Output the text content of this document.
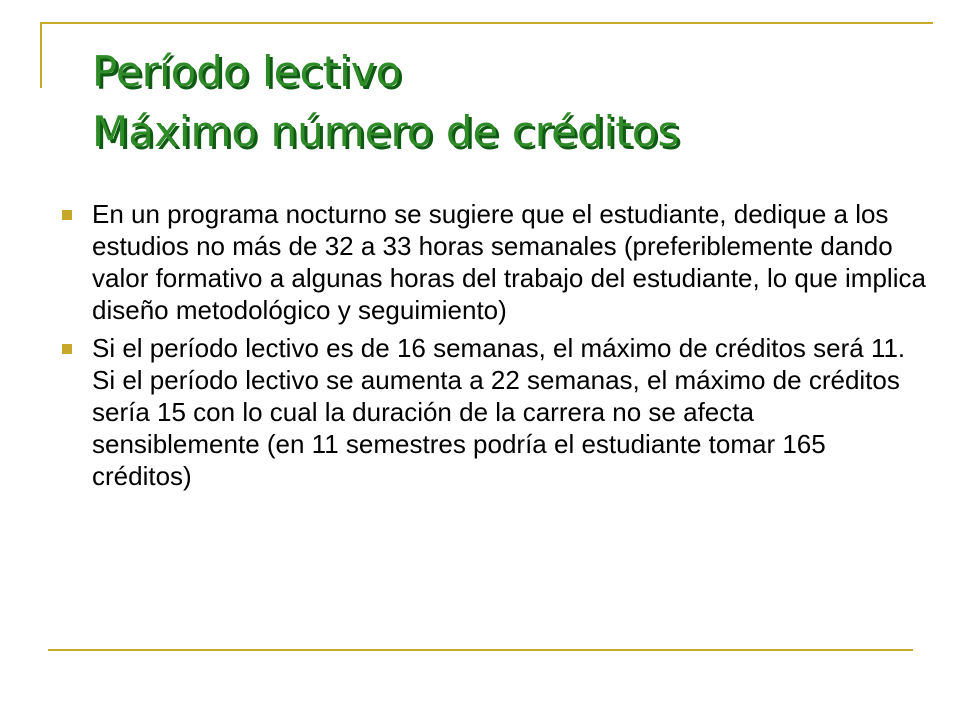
Período lectivo
Máximo número de créditos
En un programa nocturno se sugiere que el estudiante, dedique a los estudios no más de 32 a 33 horas semanales (preferiblemente dando valor formativo a algunas horas del trabajo del estudiante, lo que implica diseño metodológico y seguimiento)
Si el período lectivo es de 16 semanas, el máximo de créditos será 11. Si el período lectivo se aumenta a 22 semanas, el máximo de créditos sería 15 con lo cual la duración de la carrera no se afecta sensiblemente (en 11 semestres podría el estudiante tomar 165 créditos)
